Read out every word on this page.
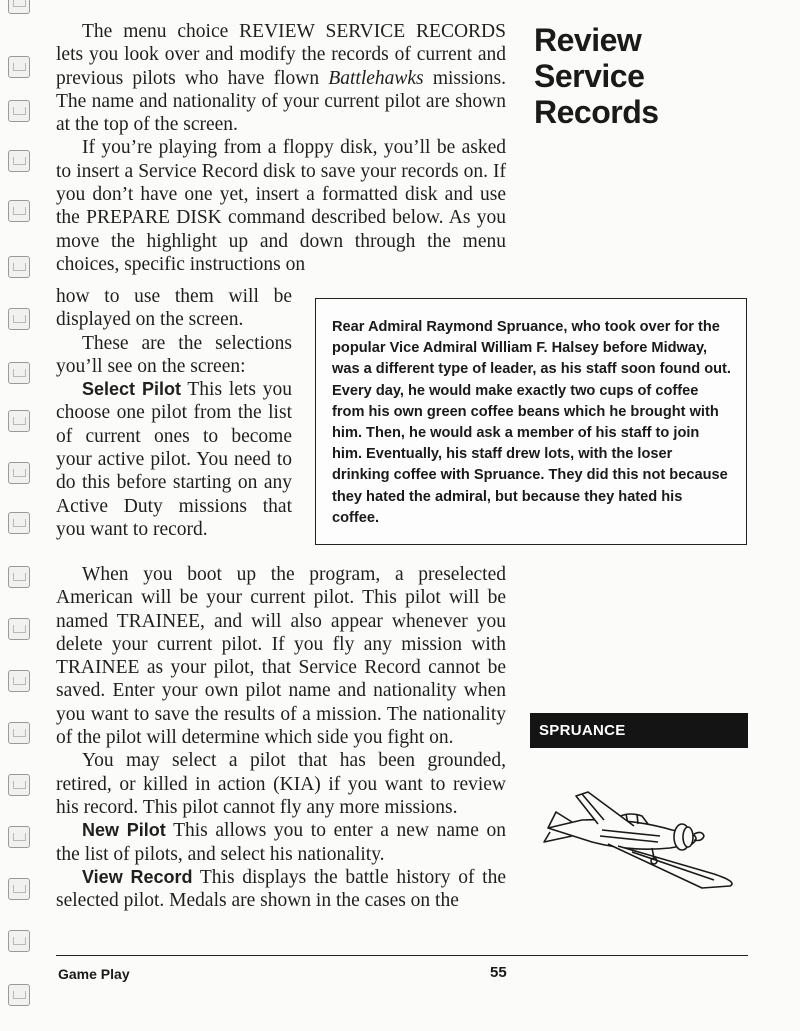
Review
Service
Records

The menu choice REVIEW SERVICE RECORDS lets you look over and modify the records of current and previous pilots who have flown Battlehawks missions. The name and nationality of your current pilot are shown at the top of the screen.

If you’re playing from a floppy disk, you’ll be asked to insert a Service Record disk to save your records on. If you don’t have one yet, insert a formatted disk and use the PREPARE DISK command described below. As you move the highlight up and down through the menu choices, specific instructions on

how to use them will be displayed on the screen.

These are the selections you’ll see on the screen:

Select Pilot This lets you choose one pilot from the list of current ones to become your active pilot. You need to do this before starting on any Active Duty missions that you want to record.

Rear Admiral Raymond Spruance, who took over for the popular Vice Admiral William F. Halsey before Midway, was a different type of leader, as his staff soon found out. Every day, he would make exactly two cups of coffee from his own green coffee beans which he brought with him. Then, he would ask a member of his staff to join him. Eventually, his staff drew lots, with the loser drinking coffee with Spruance. They did this not because they hated the admiral, but because they hated his coffee.

When you boot up the program, a preselected American will be your current pilot. This pilot will be named TRAINEE, and will also appear whenever you delete your current pilot. If you fly any mission with TRAINEE as your pilot, that Service Record cannot be saved. Enter your own pilot name and nationality when you want to save the results of a mission. The nationality of the pilot will determine which side you fight on.

You may select a pilot that has been grounded, retired, or killed in action (KIA) if you want to review his record. This pilot cannot fly any more missions.

New Pilot This allows you to enter a new name on the list of pilots, and select his nationality.

View Record This displays the battle history of the selected pilot. Medals are shown in the cases on the

SPRUANCE
Game Play	55
